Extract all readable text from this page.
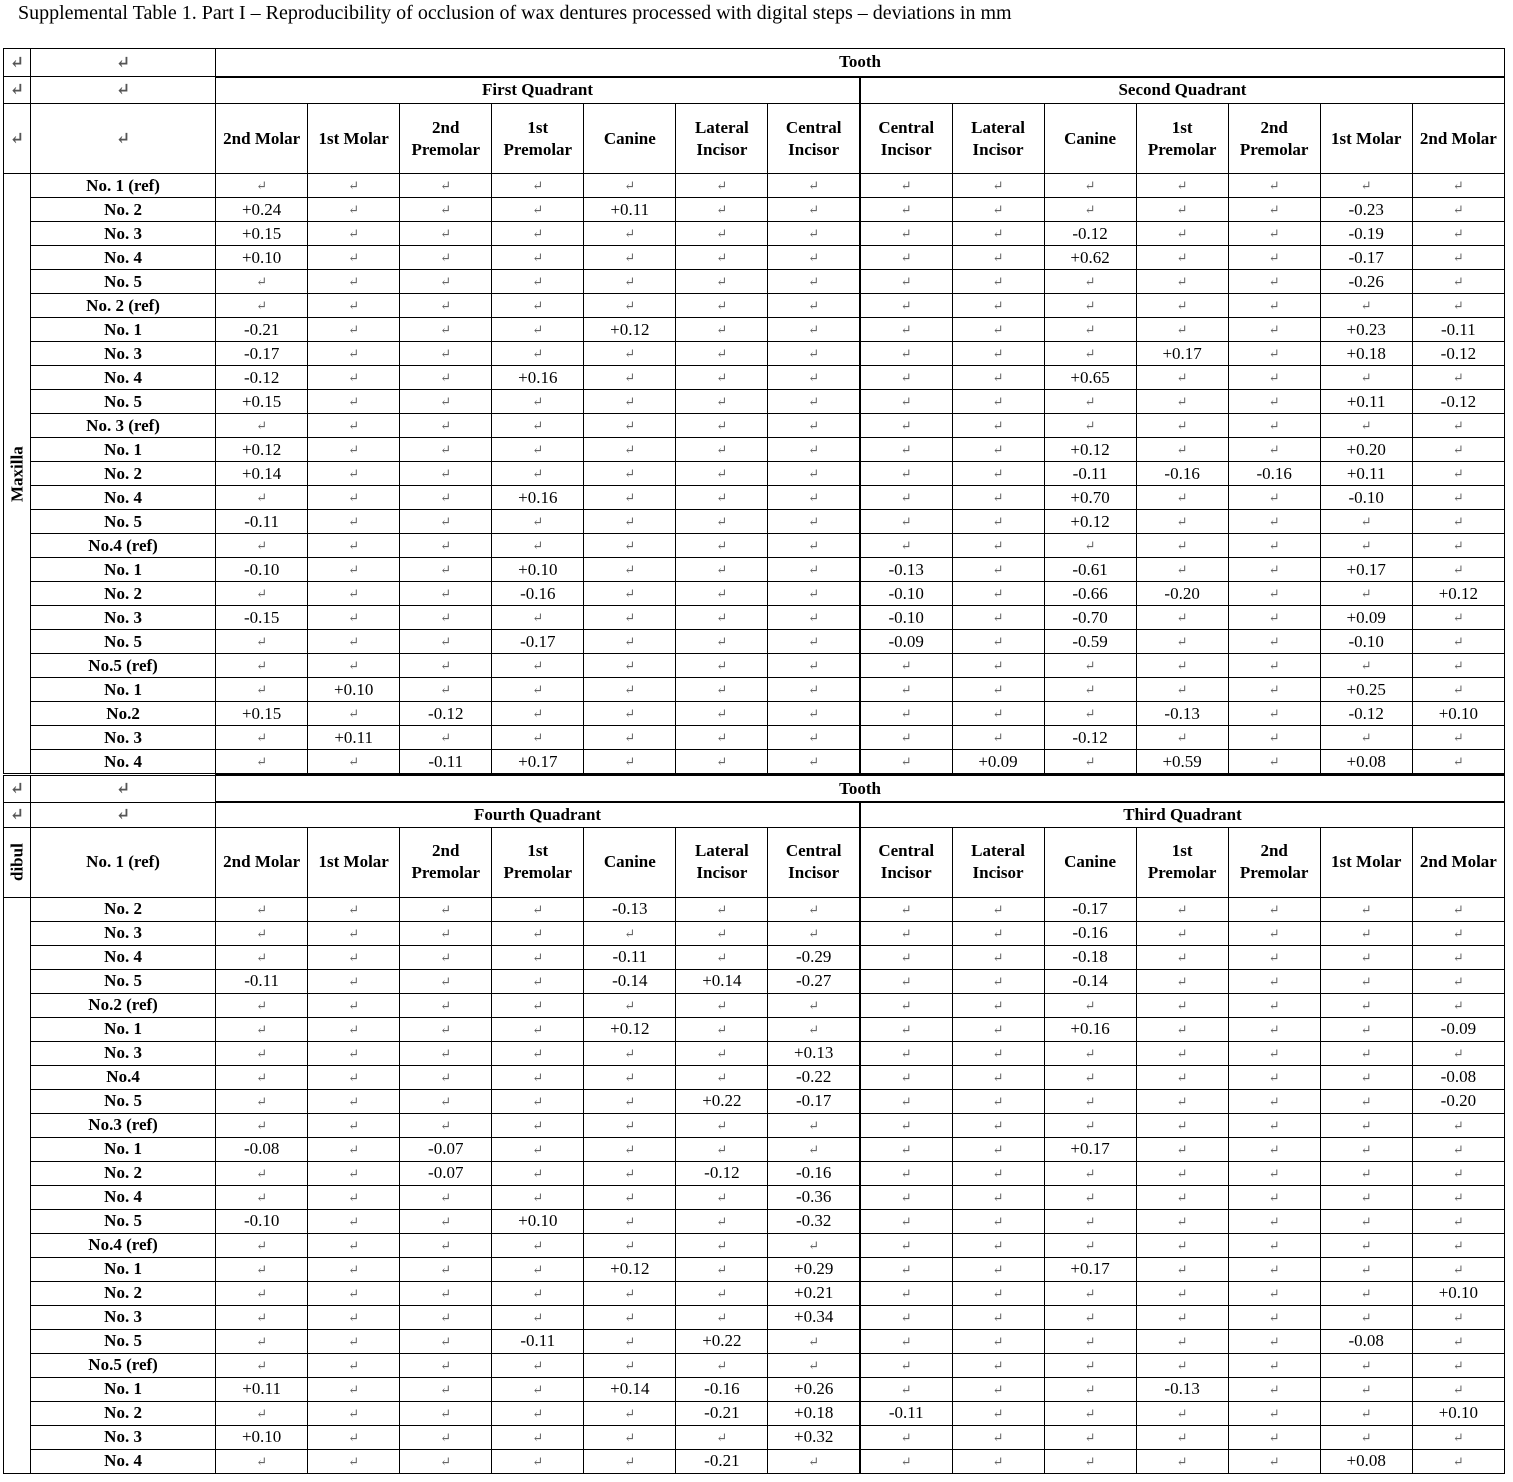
Supplemental Table 1. Part I – Reproducibility of occlusion of wax dentures processed with digital steps – deviations in mm
↵	↵	Tooth
↵	↵	First Quadrant	Second Quadrant
↵	↵	2nd Molar	1st Molar	2nd Premolar	1st Premolar	Canine	Lateral Incisor	Central Incisor	Central Incisor	Lateral Incisor	Canine	1st Premolar	2nd Premolar	1st Molar	2nd Molar
Maxilla	No. 1 (ref)	↵	↵	↵	↵	↵	↵	↵	↵	↵	↵	↵	↵	↵	↵
No. 2	+0.24	↵	↵	↵	+0.11	↵	↵	↵	↵	↵	↵	↵	-0.23	↵
No. 3	+0.15	↵	↵	↵	↵	↵	↵	↵	↵	-0.12	↵	↵	-0.19	↵
No. 4	+0.10	↵	↵	↵	↵	↵	↵	↵	↵	+0.62	↵	↵	-0.17	↵
No. 5	↵	↵	↵	↵	↵	↵	↵	↵	↵	↵	↵	↵	-0.26	↵
No. 2 (ref)	↵	↵	↵	↵	↵	↵	↵	↵	↵	↵	↵	↵	↵	↵
No. 1	-0.21	↵	↵	↵	+0.12	↵	↵	↵	↵	↵	↵	↵	+0.23	-0.11
No. 3	-0.17	↵	↵	↵	↵	↵	↵	↵	↵	↵	+0.17	↵	+0.18	-0.12
No. 4	-0.12	↵	↵	+0.16	↵	↵	↵	↵	↵	+0.65	↵	↵	↵	↵
No. 5	+0.15	↵	↵	↵	↵	↵	↵	↵	↵	↵	↵	↵	+0.11	-0.12
No. 3 (ref)	↵	↵	↵	↵	↵	↵	↵	↵	↵	↵	↵	↵	↵	↵
No. 1	+0.12	↵	↵	↵	↵	↵	↵	↵	↵	+0.12	↵	↵	+0.20	↵
No. 2	+0.14	↵	↵	↵	↵	↵	↵	↵	↵	-0.11	-0.16	-0.16	+0.11	↵
No. 4	↵	↵	↵	+0.16	↵	↵	↵	↵	↵	+0.70	↵	↵	-0.10	↵
No. 5	-0.11	↵	↵	↵	↵	↵	↵	↵	↵	+0.12	↵	↵	↵	↵
No.4 (ref)	↵	↵	↵	↵	↵	↵	↵	↵	↵	↵	↵	↵	↵	↵
No. 1	-0.10	↵	↵	+0.10	↵	↵	↵	-0.13	↵	-0.61	↵	↵	+0.17	↵
No. 2	↵	↵	↵	-0.16	↵	↵	↵	-0.10	↵	-0.66	-0.20	↵	↵	+0.12
No. 3	-0.15	↵	↵	↵	↵	↵	↵	-0.10	↵	-0.70	↵	↵	+0.09	↵
No. 5	↵	↵	↵	-0.17	↵	↵	↵	-0.09	↵	-0.59	↵	↵	-0.10	↵
No.5 (ref)	↵	↵	↵	↵	↵	↵	↵	↵	↵	↵	↵	↵	↵	↵
No. 1	↵	+0.10	↵	↵	↵	↵	↵	↵	↵	↵	↵	↵	+0.25	↵
No.2	+0.15	↵	-0.12	↵	↵	↵	↵	↵	↵	↵	-0.13	↵	-0.12	+0.10
No. 3	↵	+0.11	↵	↵	↵	↵	↵	↵	↵	-0.12	↵	↵	↵	↵
No. 4	↵	↵	-0.11	+0.17	↵	↵	↵	↵	+0.09	↵	+0.59	↵	+0.08	↵
↵	↵	Tooth
↵	↵	Fourth Quadrant	Third Quadrant
dibul	No. 1 (ref)	2nd Molar	1st Molar	2nd Premolar	1st Premolar	Canine	Lateral Incisor	Central Incisor	Central Incisor	Lateral Incisor	Canine	1st Premolar	2nd Premolar	1st Molar	2nd Molar
	No. 2	↵	↵	↵	↵	-0.13	↵	↵	↵	↵	-0.17	↵	↵	↵	↵
No. 3	↵	↵	↵	↵	↵	↵	↵	↵	↵	-0.16	↵	↵	↵	↵
No. 4	↵	↵	↵	↵	-0.11	↵	-0.29	↵	↵	-0.18	↵	↵	↵	↵
No. 5	-0.11	↵	↵	↵	-0.14	+0.14	-0.27	↵	↵	-0.14	↵	↵	↵	↵
No.2 (ref)	↵	↵	↵	↵	↵	↵	↵	↵	↵	↵	↵	↵	↵	↵
No. 1	↵	↵	↵	↵	+0.12	↵	↵	↵	↵	+0.16	↵	↵	↵	-0.09
No. 3	↵	↵	↵	↵	↵	↵	+0.13	↵	↵	↵	↵	↵	↵	↵
No.4	↵	↵	↵	↵	↵	↵	-0.22	↵	↵	↵	↵	↵	↵	-0.08
No. 5	↵	↵	↵	↵	↵	+0.22	-0.17	↵	↵	↵	↵	↵	↵	-0.20
No.3 (ref)	↵	↵	↵	↵	↵	↵	↵	↵	↵	↵	↵	↵	↵	↵
No. 1	-0.08	↵	-0.07	↵	↵	↵	↵	↵	↵	+0.17	↵	↵	↵	↵
No. 2	↵	↵	-0.07	↵	↵	-0.12	-0.16	↵	↵	↵	↵	↵	↵	↵
No. 4	↵	↵	↵	↵	↵	↵	-0.36	↵	↵	↵	↵	↵	↵	↵
No. 5	-0.10	↵	↵	+0.10	↵	↵	-0.32	↵	↵	↵	↵	↵	↵	↵
No.4 (ref)	↵	↵	↵	↵	↵	↵	↵	↵	↵	↵	↵	↵	↵	↵
No. 1	↵	↵	↵	↵	+0.12	↵	+0.29	↵	↵	+0.17	↵	↵	↵	↵
No. 2	↵	↵	↵	↵	↵	↵	+0.21	↵	↵	↵	↵	↵	↵	+0.10
No. 3	↵	↵	↵	↵	↵	↵	+0.34	↵	↵	↵	↵	↵	↵	↵
No. 5	↵	↵	↵	-0.11	↵	+0.22	↵	↵	↵	↵	↵	↵	-0.08	↵
No.5 (ref)	↵	↵	↵	↵	↵	↵	↵	↵	↵	↵	↵	↵	↵	↵
No. 1	+0.11	↵	↵	↵	+0.14	-0.16	+0.26	↵	↵	↵	-0.13	↵	↵	↵
No. 2	↵	↵	↵	↵	↵	-0.21	+0.18	-0.11	↵	↵	↵	↵	↵	+0.10
No. 3	+0.10	↵	↵	↵	↵	↵	+0.32	↵	↵	↵	↵	↵	↵	↵
No. 4	↵	↵	↵	↵	↵	-0.21	↵	↵	↵	↵	↵	↵	+0.08	↵
